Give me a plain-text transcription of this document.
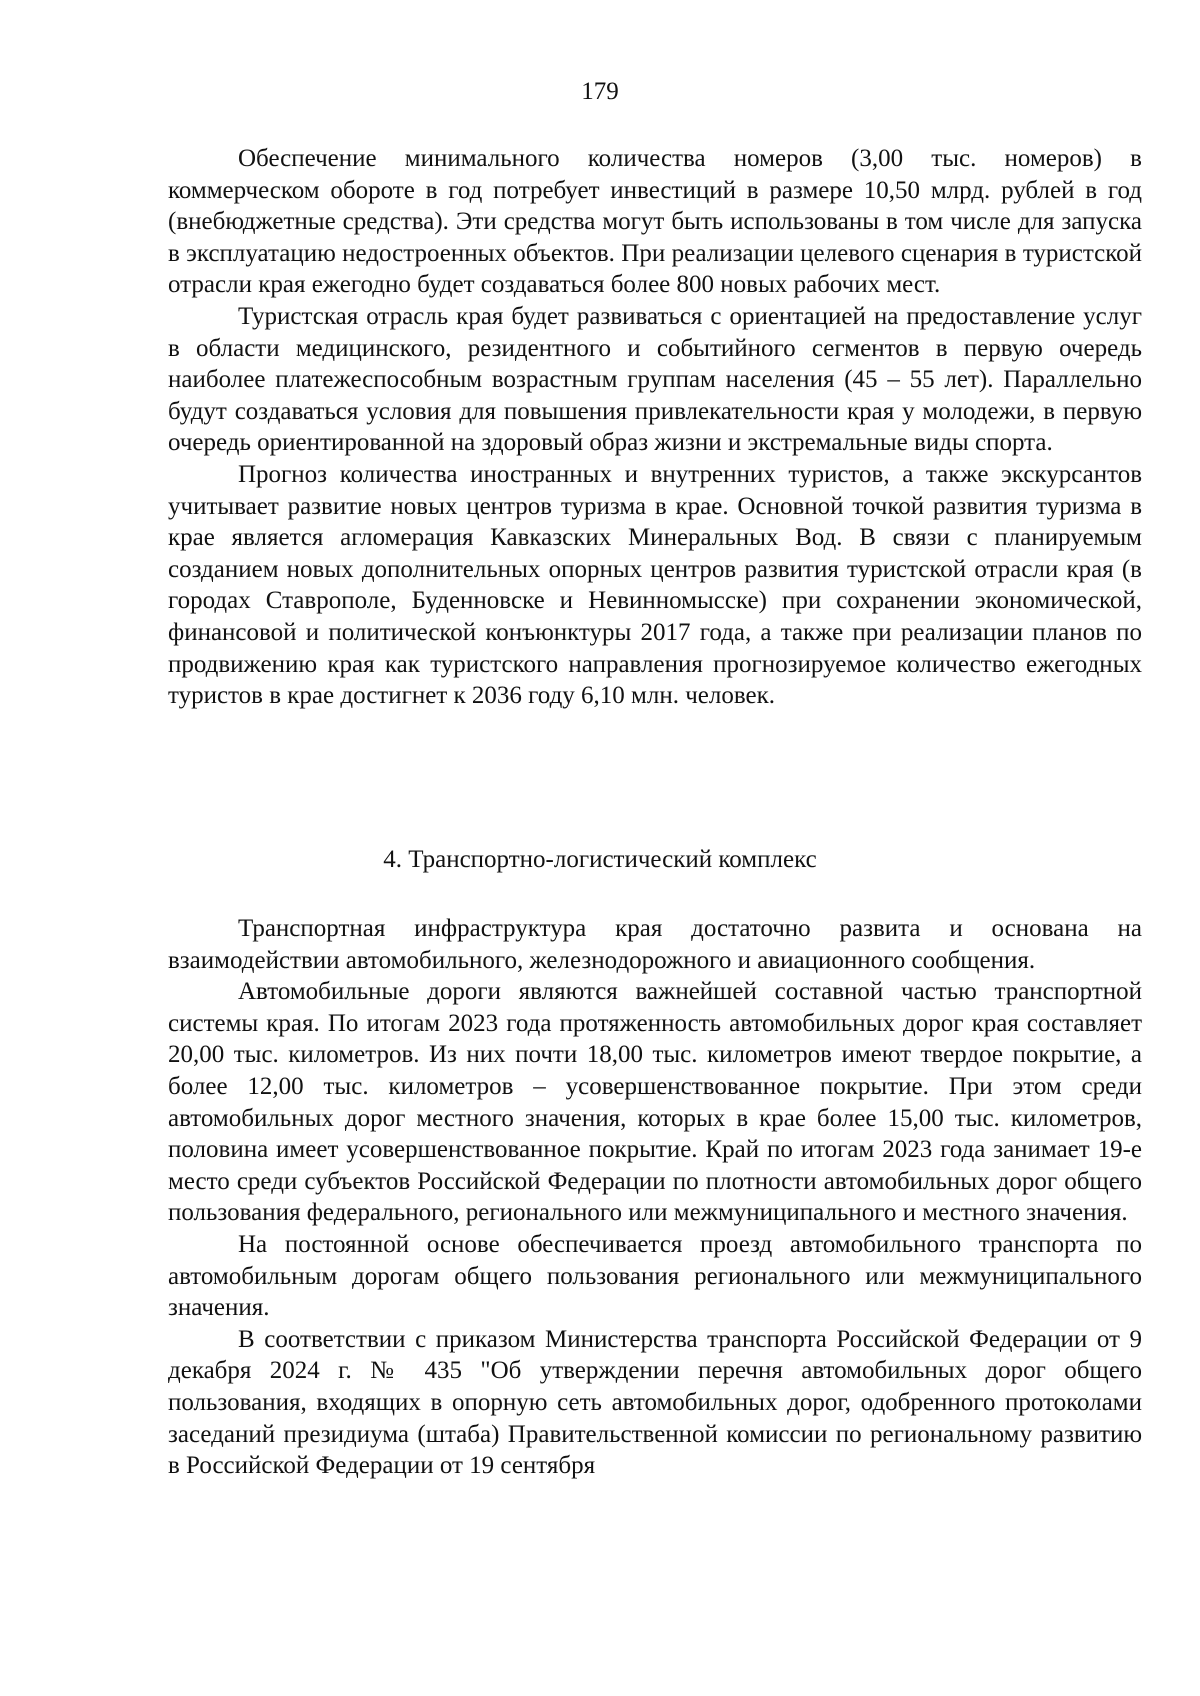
179

Обеспечение минимального количества номеров (3,00 тыс. номеров) в коммерческом обороте в год потребует инвестиций в размере 10,50 млрд. рублей в год (внебюджетные средства). Эти средства могут быть использованы в том числе для запуска в эксплуатацию недостроенных объектов. При реализации целевого сценария в туристской отрасли края ежегодно будет создаваться более 800 новых рабочих мест.

Туристская отрасль края будет развиваться с ориентацией на предоставление услуг в области медицинского, резидентного и событийного сегментов в первую очередь наиболее платежеспособным возрастным группам населения (45 – 55 лет). Параллельно будут создаваться условия для повышения привлекательности края у молодежи, в первую очередь ориентированной на здоровый образ жизни и экстремальные виды спорта.

Прогноз количества иностранных и внутренних туристов, а также экскурсантов учитывает развитие новых центров туризма в крае. Основной точкой развития туризма в крае является агломерация Кавказских Минеральных Вод. В связи с планируемым созданием новых дополнительных опорных центров развития туристской отрасли края (в городах Ставрополе, Буденновске и Невинномысске) при сохранении экономической, финансовой и политической конъюнктуры 2017 года, а также при реализации планов по продвижению края как туристского направления прогнозируемое количество ежегодных туристов в крае достигнет к 2036 году 6,10 млн. человек.

4. Транспортно-логистический комплекс

Транспортная инфраструктура края достаточно развита и основана на взаимодействии автомобильного, железнодорожного и авиационного сообщения.

Автомобильные дороги являются важнейшей составной частью транспортной системы края. По итогам 2023 года протяженность автомобильных дорог края составляет 20,00 тыс. километров. Из них почти 18,00 тыс. километров имеют твердое покрытие, а более 12,00 тыс. километров – усовершенствованное покрытие. При этом среди автомобильных дорог местного значения, которых в крае более 15,00 тыс. километров, половина имеет усовершенствованное покрытие. Край по итогам 2023 года занимает 19-е место среди субъектов Российской Федерации по плотности автомобильных дорог общего пользования федерального, регионального или межмуниципального и местного значения.

На постоянной основе обеспечивается проезд автомобильного транспорта по автомобильным дорогам общего пользования регионального или межмуниципального значения.

В соответствии с приказом Министерства транспорта Российской Федерации от 9 декабря 2024 г. № 435 "Об утверждении перечня автомобильных дорог общего пользования, входящих в опорную сеть автомобильных дорог, одобренного протоколами заседаний президиума (штаба) Правительственной комиссии по региональному развитию в Российской Федерации от 19 сентября
